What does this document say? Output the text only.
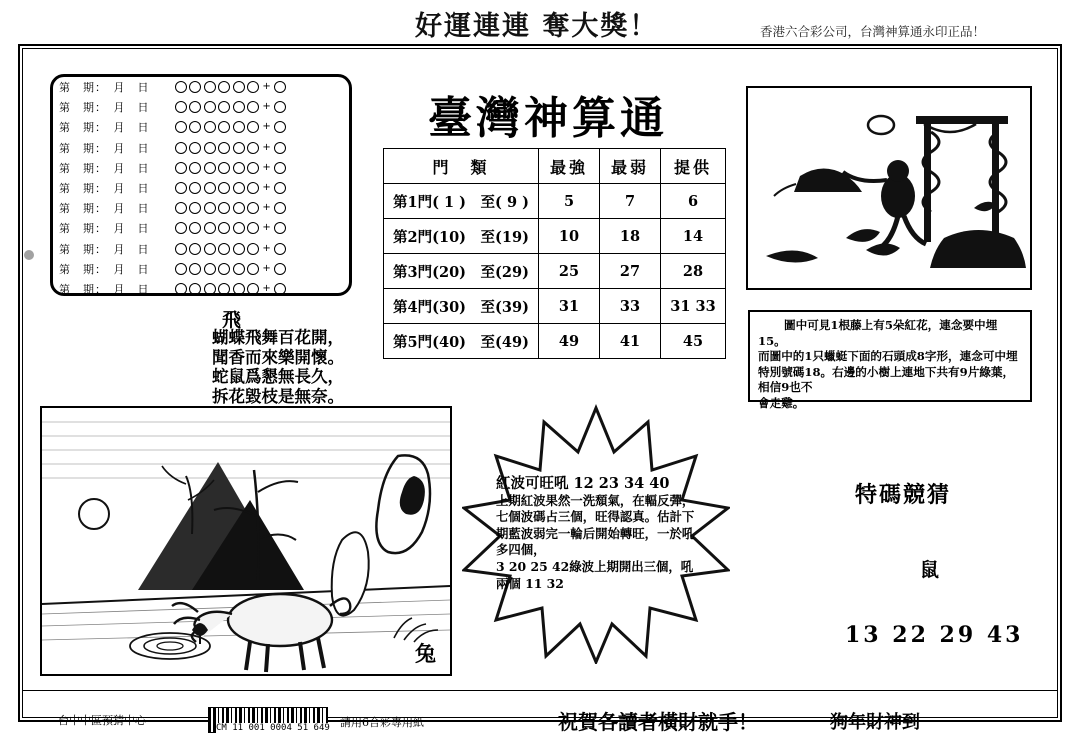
好運連連 奪大獎！	香港六合彩公司，台灣神算通永印正品！
臺灣神算通
第　期：　月　日	+
第　期：　月　日	+
第　期：　月　日	+
第　期：　月　日	+
第　期：　月　日	+
第　期：　月　日	+
第　期：　月　日	+
第　期：　月　日	+
第　期：　月　日	+
第　期：　月　日	+
第　期：　月　日	+
飛
蝴蝶飛舞百花開，
聞香而來樂開懷。
蛇鼠爲懇無長久，
拆花毀枝是無奈。
門　類	最強	最弱	提供
第1門( 1 )　至( 9 )	5	7	6
第2門(10)　至(19)	10	18	14
第3門(20)　至(29)	25	27	28
第4門(30)　至(39)	31	33	31 33
第5門(40)　至(49)	49	41	45
圖中可見1根藤上有5朵紅花，連念要中埋15。
而圖中的1只蠟蜓下面的石頭成8字形，連念可中埋特別號碼18。右邊的小樹上連地下共有9片綠葉，相信9也不
會走雞。
兔
紅波可旺吼 12 23 34 40
上期紅波果然一洗頹氣，在輻反彈，七個波碼占三個，旺得認真。估計下期藍波弱完一輪后開始轉旺，一於吼多四個，
3 20 25 42綠波上期開出三個，吼兩個 11 32
特碼競猜
鼠
13 22 29 43
台中中區預猜中心
CM 11 001 0004 51 649 請用6合彩專用紙	祝賀各讀者橫財就手！	狗年財神到
